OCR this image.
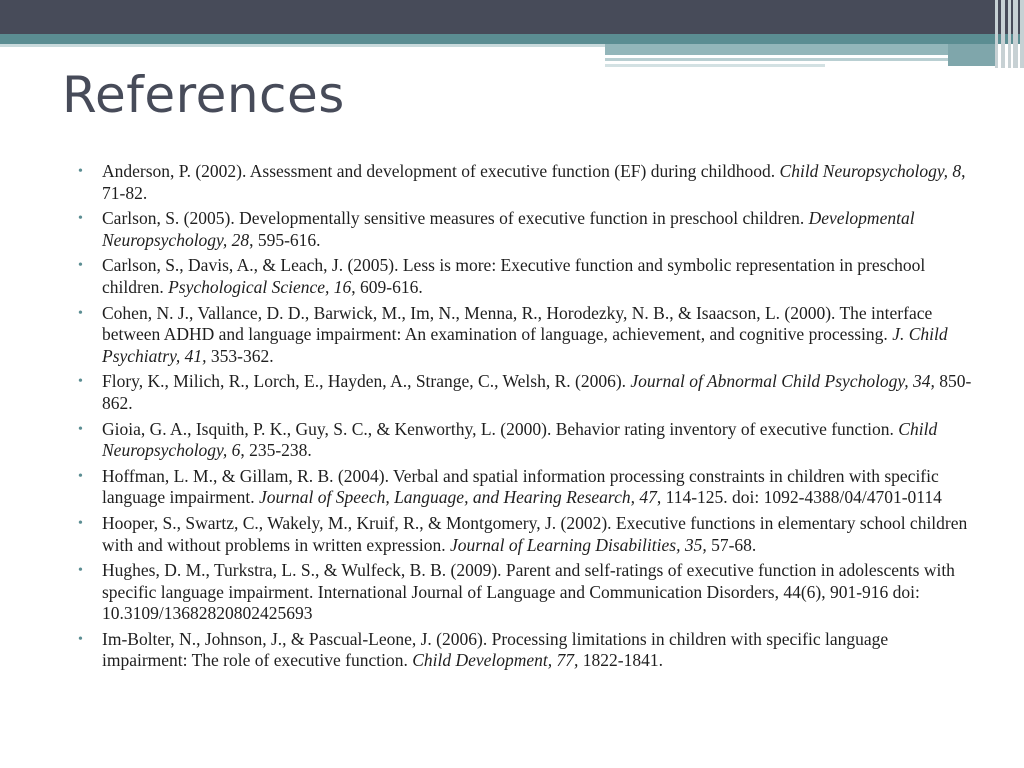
References
• Anderson, P. (2002). Assessment and development of executive function (EF) during childhood. Child Neuropsychology, 8, 71-82.
• Carlson, S. (2005). Developmentally sensitive measures of executive function in preschool children. Developmental Neuropsychology, 28, 595-616.
• Carlson, S., Davis, A., & Leach, J. (2005). Less is more: Executive function and symbolic representation in preschool children. Psychological Science, 16, 609-616.
• Cohen, N. J., Vallance, D. D., Barwick, M., Im, N., Menna, R., Horodezky, N. B., & Isaacson, L. (2000). The interface between ADHD and language impairment: An examination of language, achievement, and cognitive processing. J. Child Psychiatry, 41, 353-362.
• Flory, K., Milich, R., Lorch, E., Hayden, A., Strange, C., Welsh, R. (2006). Journal of Abnormal Child Psychology, 34, 850-862.
• Gioia, G. A., Isquith, P. K., Guy, S. C., & Kenworthy, L. (2000). Behavior rating inventory of executive function. Child Neuropsychology, 6, 235-238.
• Hoffman, L. M., & Gillam, R. B. (2004). Verbal and spatial information processing constraints in children with specific language impairment. Journal of Speech, Language, and Hearing Research, 47, 114-125. doi: 1092-4388/04/4701-0114
• Hooper, S., Swartz, C., Wakely, M., Kruif, R., & Montgomery, J. (2002). Executive functions in elementary school children with and without problems in written expression. Journal of Learning Disabilities, 35, 57-68.
• Hughes, D. M., Turkstra, L. S., & Wulfeck, B. B. (2009). Parent and self-ratings of executive function in adolescents with specific language impairment. International Journal of Language and Communication Disorders, 44(6), 901-916 doi: 10.3109/13682820802425693
• Im-Bolter, N., Johnson, J., & Pascual-Leone, J. (2006). Processing limitations in children with specific language impairment: The role of executive function. Child Development, 77, 1822-1841.
